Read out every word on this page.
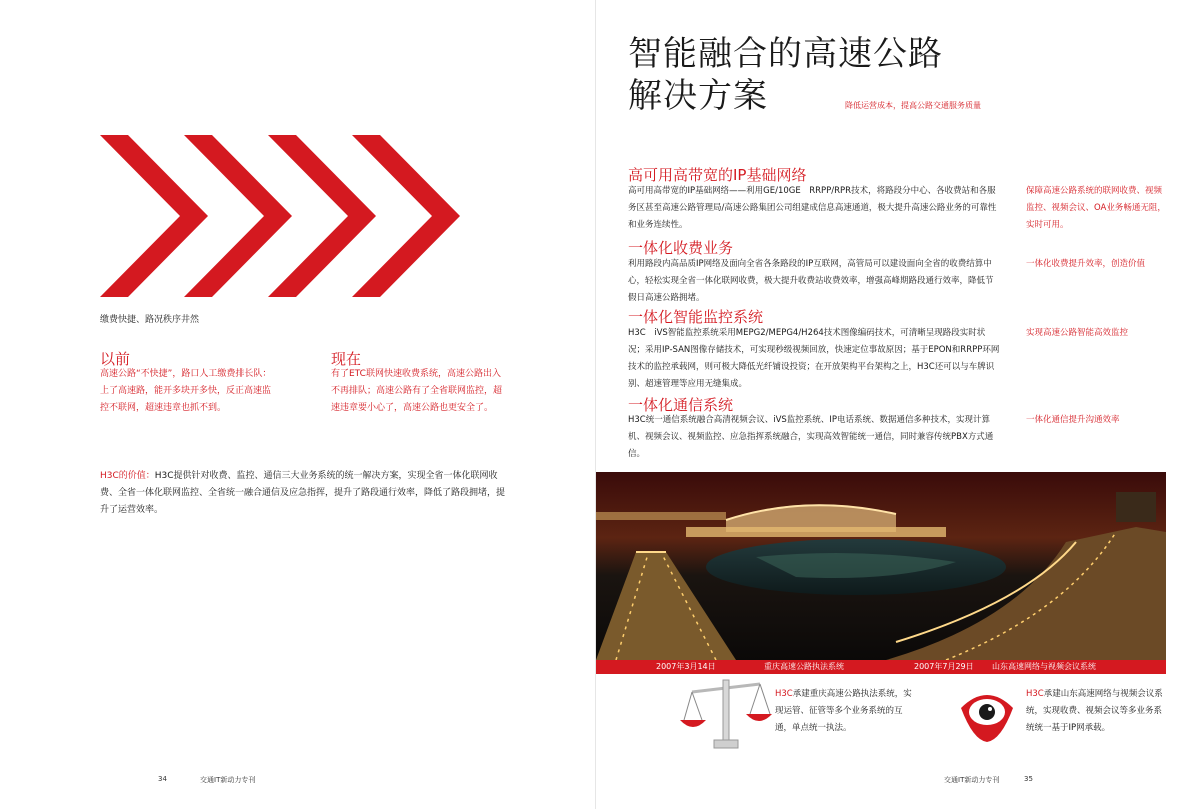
缴费快捷、路况秩序井然
以前
高速公路“不快捷”，路口人工缴费排长队：上了高速路，能开多块开多快，反正高速监控不联网，超速违章也抓不到。
现在
有了ETC联网快速收费系统，高速公路出入不再排队；高速公路有了全省联网监控，超速违章要小心了，高速公路也更安全了。
H3C的价值：H3C提供针对收费、监控、通信三大业务系统的统一解决方案，实现全省一体化联网收费、全省一体化联网监控、全省统一融合通信及应急指挥，提升了路段通行效率，降低了路段拥堵，提升了运营效率。
34	交通IT新动力专刊
智能融合的高速公路
解决方案	降低运营成本，提高公路交通服务质量
高可用高带宽的IP基础网络
高可用高带宽的IP基础网络——利用GE/10GE　RRPP/RPR技术，将路段分中心、各收费站和各服务区甚至高速公路管理局/高速公路集团公司组建成信息高速通道，极大提升高速公路业务的可靠性和业务连续性。
保障高速公路系统的联网收费、视频监控、视频会议、OA业务畅通无阻，实时可用。
一体化收费业务
利用路段内高品质IP网络及面向全省各条路段的IP互联网，高管局可以建设面向全省的收费结算中心，轻松实现全省一体化联网收费，极大提升收费站收费效率，增强高峰期路段通行效率，降低节假日高速公路拥堵。
一体化收费提升效率，创造价值
一体化智能监控系统
H3C　iVS智能监控系统采用MEPG2/MEPG4/H264技术图像编码技术，可清晰呈现路段实时状况；采用IP-SAN图像存储技术，可实现秒级视频回放，快速定位事故原因；基于EPON和RRPP环网技术的监控承载网，则可极大降低光纤铺设投资；在开放架构平台架构之上，H3C还可以与车牌识别、超速管理等应用无缝集成。
实现高速公路智能高效监控
一体化通信系统
H3C统一通信系统融合高清视频会议、iVS监控系统、IP电话系统、数据通信多种技术，实现计算机、视频会议、视频监控、应急指挥系统融合，实现高效智能统一通信，同时兼容传统PBX方式通信。
一体化通信提升沟通效率
2007年3月14日	重庆高速公路执法系统	2007年7月29日 山东高速网络与视频会议系统
H3C承建重庆高速公路执法系统，实现运管、征管等多个业务系统的互通，单点统一执法。
H3C承建山东高速网络与视频会议系统，实现收费、视频会议等多业务系统统一基于IP网承载。
交通IT新动力专刊	35
